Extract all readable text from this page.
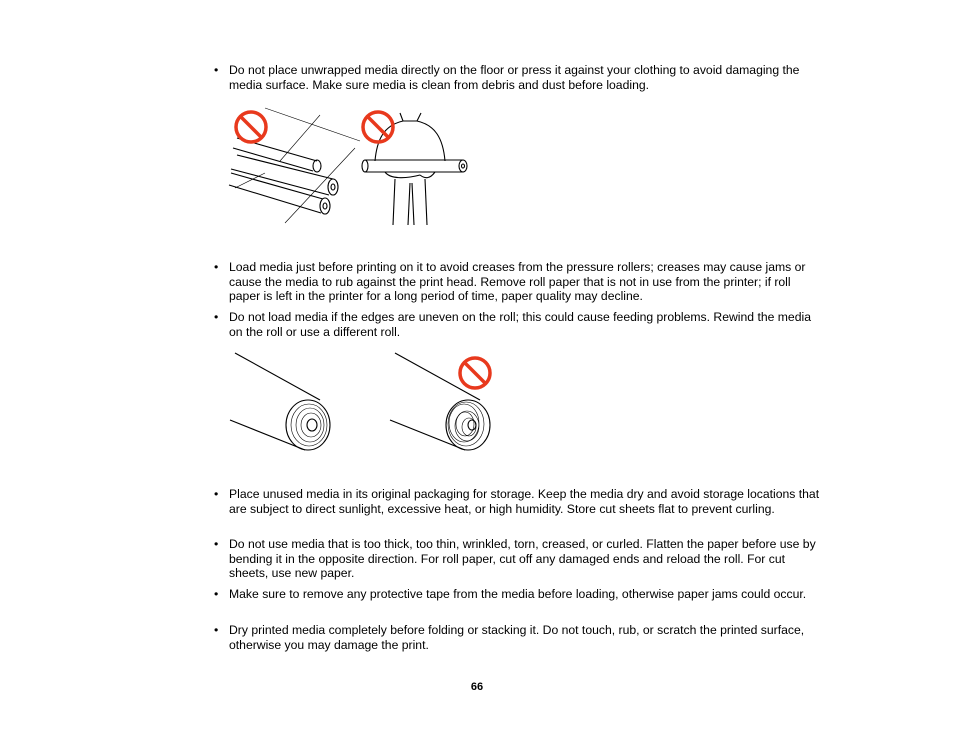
• Do not place unwrapped media directly on the floor or press it against your clothing to avoid damaging the media surface. Make sure media is clean from debris and dust before loading.
• Load media just before printing on it to avoid creases from the pressure rollers; creases may cause jams or cause the media to rub against the print head. Remove roll paper that is not in use from the printer; if roll paper is left in the printer for a long period of time, paper quality may decline.
• Do not load media if the edges are uneven on the roll; this could cause feeding problems. Rewind the media on the roll or use a different roll.
• Place unused media in its original packaging for storage. Keep the media dry and avoid storage locations that are subject to direct sunlight, excessive heat, or high humidity. Store cut sheets flat to prevent curling.
• Do not use media that is too thick, too thin, wrinkled, torn, creased, or curled. Flatten the paper before use by bending it in the opposite direction. For roll paper, cut off any damaged ends and reload the roll. For cut sheets, use new paper.
• Make sure to remove any protective tape from the media before loading, otherwise paper jams could occur.
• Dry printed media completely before folding or stacking it. Do not touch, rub, or scratch the printed surface, otherwise you may damage the print.
66
